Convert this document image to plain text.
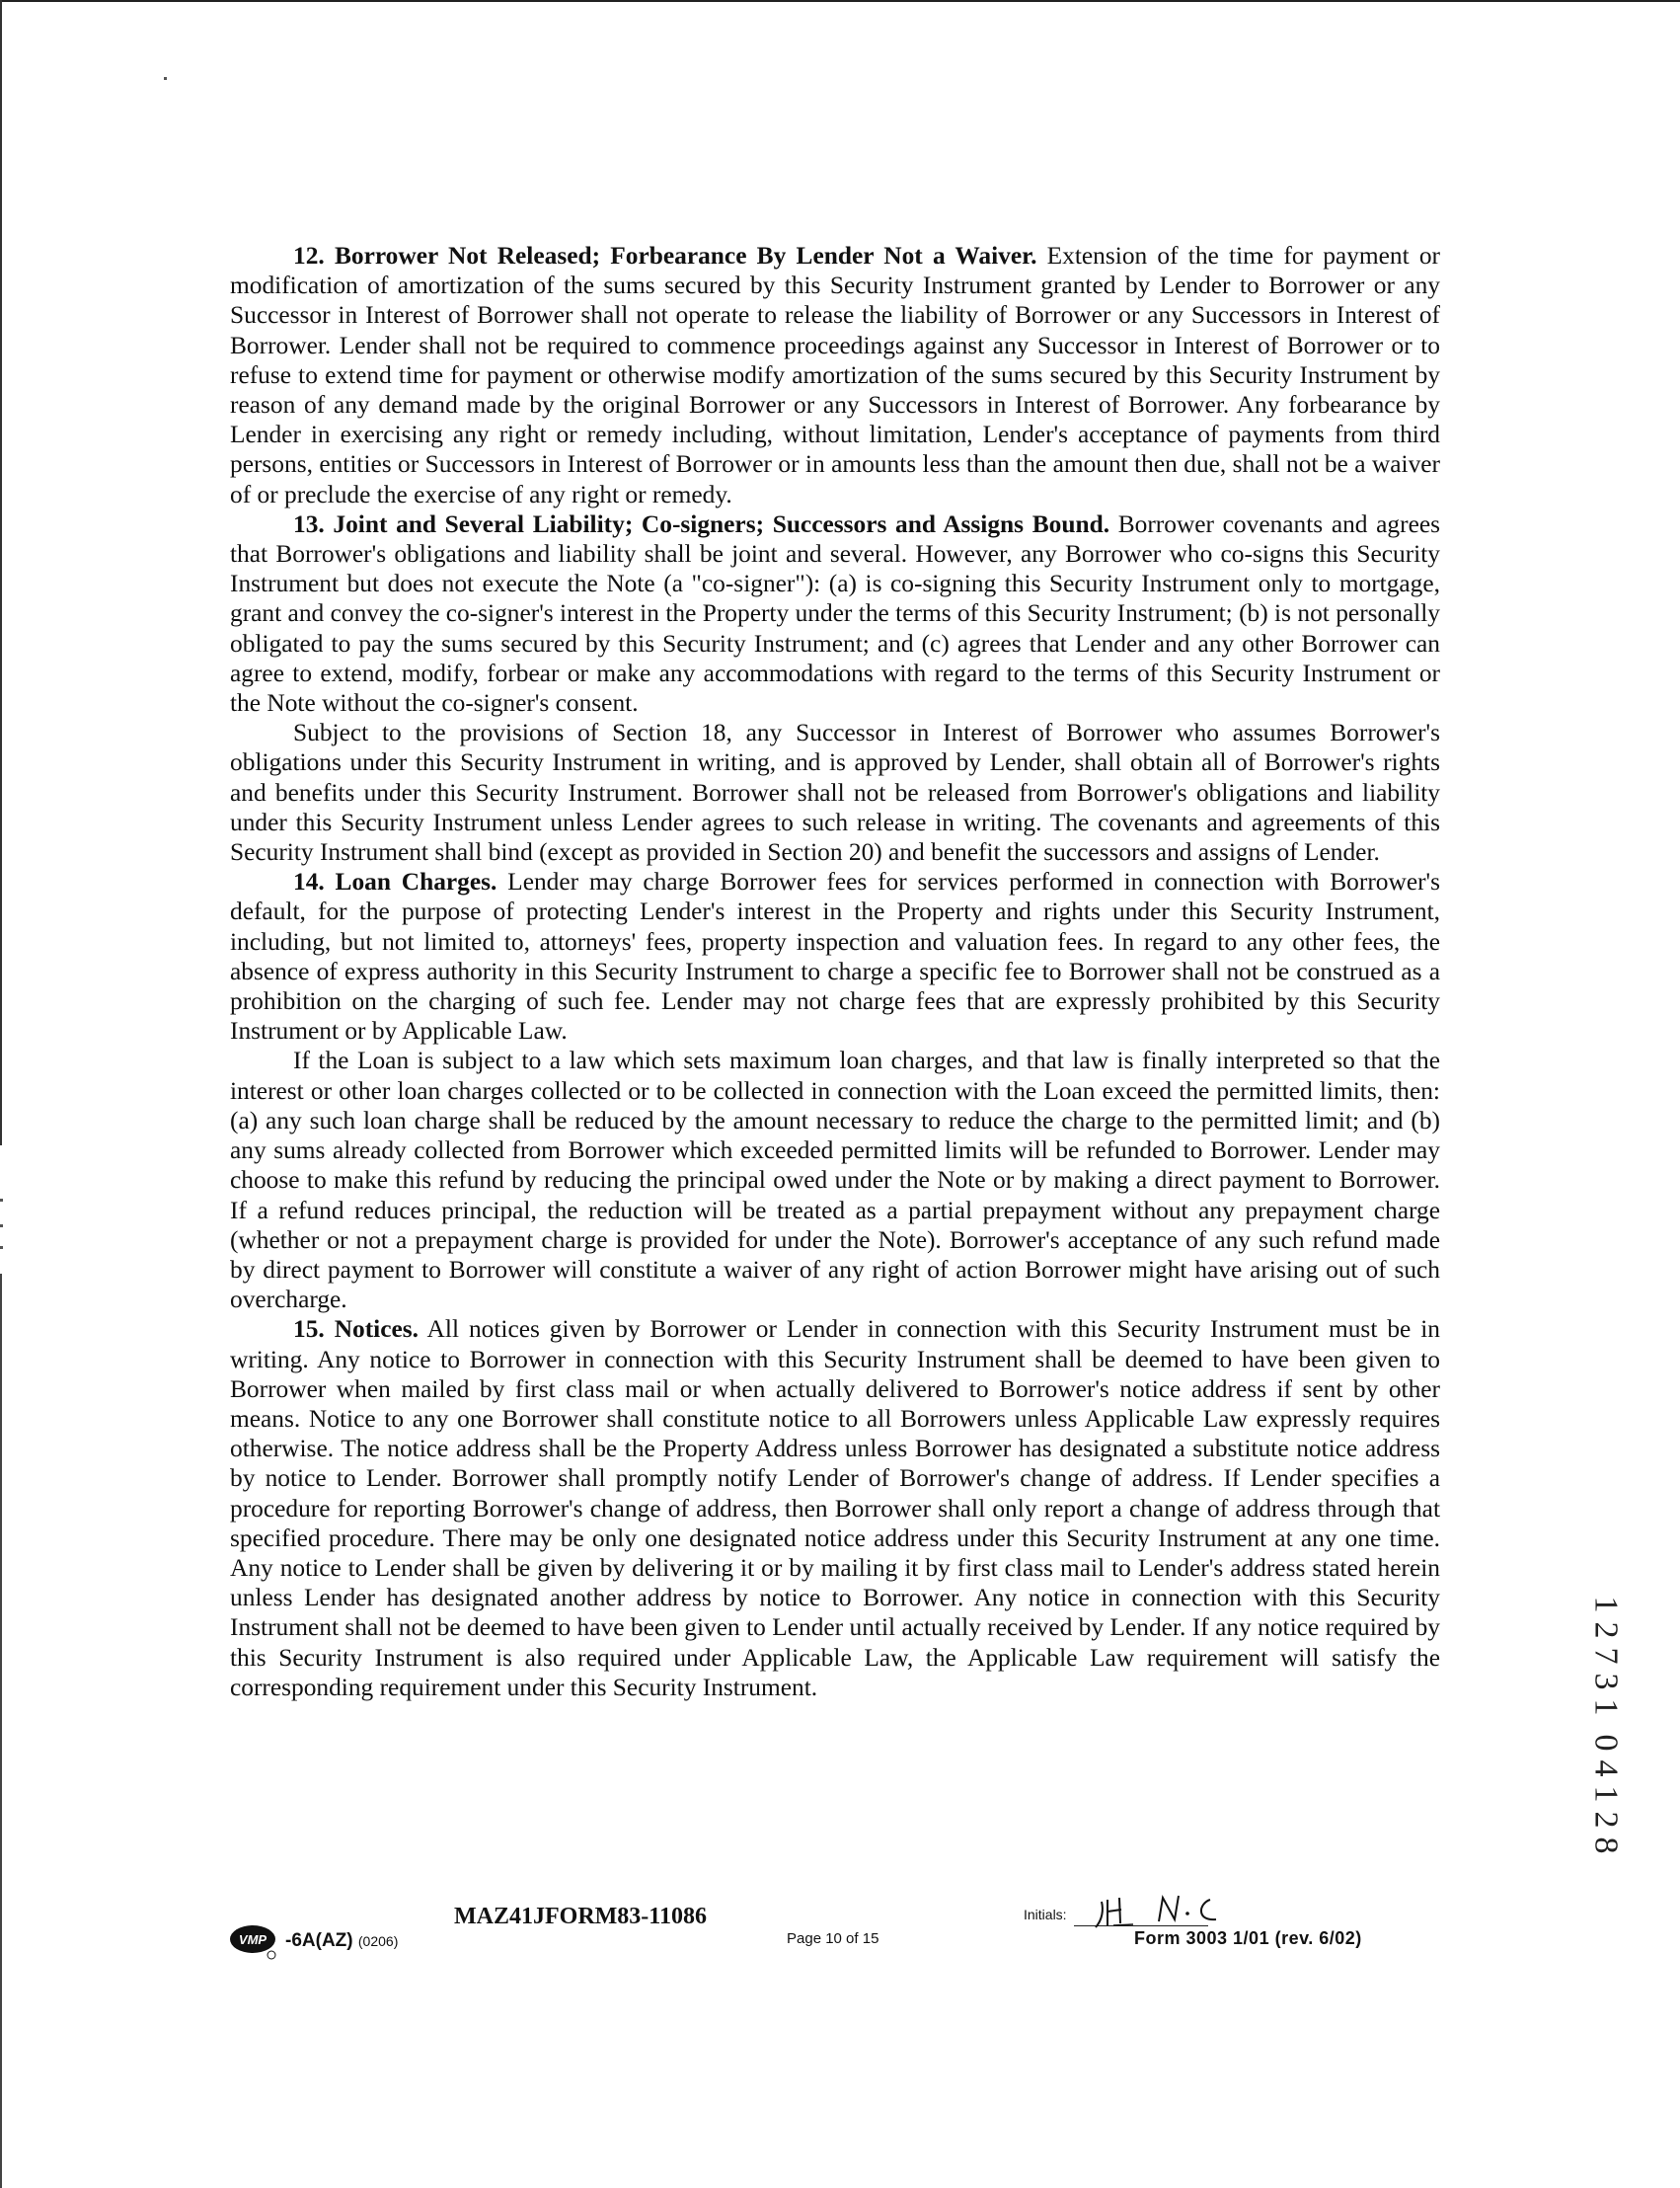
12. Borrower Not Released; Forbearance By Lender Not a Waiver. Extension of the time for payment or modification of amortization of the sums secured by this Security Instrument granted by Lender to Borrower or any Successor in Interest of Borrower shall not operate to release the liability of Borrower or any Successors in Interest of Borrower. Lender shall not be required to commence proceedings against any Successor in Interest of Borrower or to refuse to extend time for payment or otherwise modify amortization of the sums secured by this Security Instrument by reason of any demand made by the original Borrower or any Successors in Interest of Borrower. Any forbearance by Lender in exercising any right or remedy including, without limitation, Lender's acceptance of payments from third persons, entities or Successors in Interest of Borrower or in amounts less than the amount then due, shall not be a waiver of or preclude the exercise of any right or remedy.

13. Joint and Several Liability; Co-signers; Successors and Assigns Bound. Borrower covenants and agrees that Borrower's obligations and liability shall be joint and several. However, any Borrower who co-signs this Security Instrument but does not execute the Note (a "co-signer"): (a) is co-signing this Security Instrument only to mortgage, grant and convey the co-signer's interest in the Property under the terms of this Security Instrument; (b) is not personally obligated to pay the sums secured by this Security Instrument; and (c) agrees that Lender and any other Borrower can agree to extend, modify, forbear or make any accommodations with regard to the terms of this Security Instrument or the Note without the co-signer's consent.

Subject to the provisions of Section 18, any Successor in Interest of Borrower who assumes Borrower's obligations under this Security Instrument in writing, and is approved by Lender, shall obtain all of Borrower's rights and benefits under this Security Instrument. Borrower shall not be released from Borrower's obligations and liability under this Security Instrument unless Lender agrees to such release in writing. The covenants and agreements of this Security Instrument shall bind (except as provided in Section 20) and benefit the successors and assigns of Lender.

14. Loan Charges. Lender may charge Borrower fees for services performed in connection with Borrower's default, for the purpose of protecting Lender's interest in the Property and rights under this Security Instrument, including, but not limited to, attorneys' fees, property inspection and valuation fees. In regard to any other fees, the absence of express authority in this Security Instrument to charge a specific fee to Borrower shall not be construed as a prohibition on the charging of such fee. Lender may not charge fees that are expressly prohibited by this Security Instrument or by Applicable Law.

If the Loan is subject to a law which sets maximum loan charges, and that law is finally interpreted so that the interest or other loan charges collected or to be collected in connection with the Loan exceed the permitted limits, then: (a) any such loan charge shall be reduced by the amount necessary to reduce the charge to the permitted limit; and (b) any sums already collected from Borrower which exceeded permitted limits will be refunded to Borrower. Lender may choose to make this refund by reducing the principal owed under the Note or by making a direct payment to Borrower. If a refund reduces principal, the reduction will be treated as a partial prepayment without any prepayment charge (whether or not a prepayment charge is provided for under the Note). Borrower's acceptance of any such refund made by direct payment to Borrower will constitute a waiver of any right of action Borrower might have arising out of such overcharge.

15. Notices. All notices given by Borrower or Lender in connection with this Security Instrument must be in writing. Any notice to Borrower in connection with this Security Instrument shall be deemed to have been given to Borrower when mailed by first class mail or when actually delivered to Borrower's notice address if sent by other means. Notice to any one Borrower shall constitute notice to all Borrowers unless Applicable Law expressly requires otherwise. The notice address shall be the Property Address unless Borrower has designated a substitute notice address by notice to Lender. Borrower shall promptly notify Lender of Borrower's change of address. If Lender specifies a procedure for reporting Borrower's change of address, then Borrower shall only report a change of address through that specified procedure. There may be only one designated notice address under this Security Instrument at any one time. Any notice to Lender shall be given by delivering it or by mailing it by first class mail to Lender's address stated herein unless Lender has designated another address by notice to Borrower. Any notice in connection with this Security Instrument shall not be deemed to have been given to Lender until actually received by Lender. If any notice required by this Security Instrument is also required under Applicable Law, the Applicable Law requirement will satisfy the corresponding requirement under this Security Instrument.

VMP -6A(AZ) (0206)
MAZ41JFORM83-11086
Page 10 of 15
Initials:
Form 3003 1/01 (rev. 6/02)
1
2
7
3
1
0
4
1
2
8
